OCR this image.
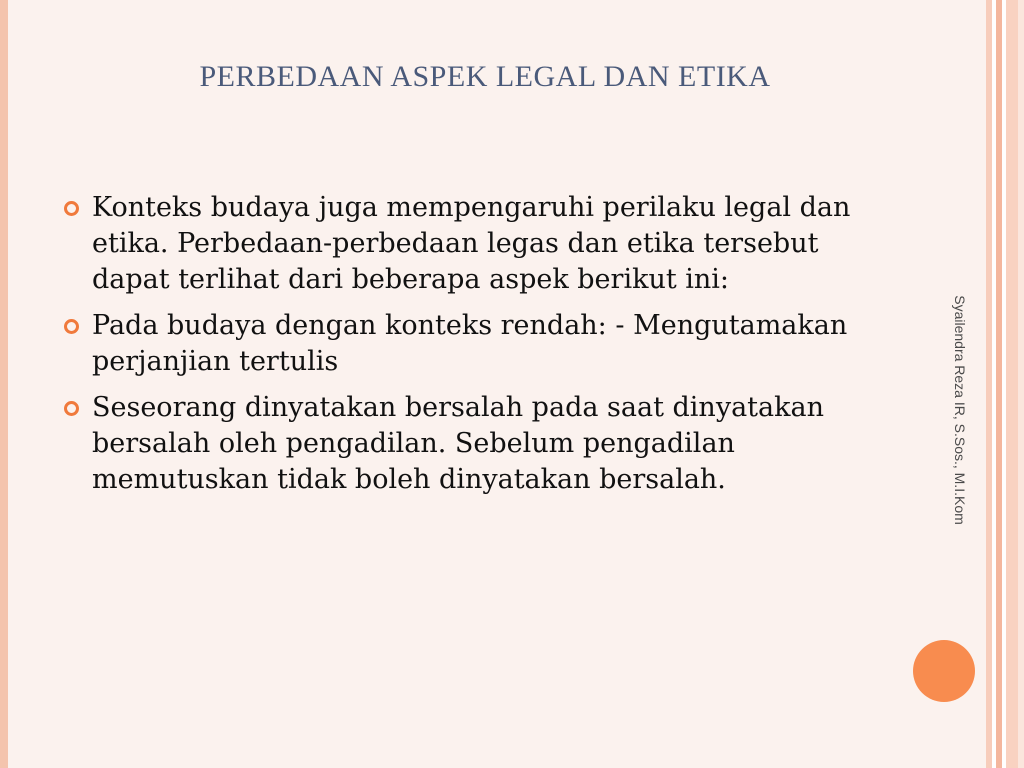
PERBEDAAN ASPEK LEGAL DAN ETIKA
Konteks budaya juga mempengaruhi perilaku legal dan etika. Perbedaan-perbedaan legas dan etika tersebut dapat terlihat dari beberapa aspek berikut ini:
Pada budaya dengan konteks rendah: - Mengutamakan perjanjian tertulis
Seseorang dinyatakan bersalah pada saat dinyatakan bersalah oleh pengadilan. Sebelum pengadilan memutuskan tidak boleh dinyatakan bersalah.	Syailendra Reza IR, S.Sos., M.I.Kom
